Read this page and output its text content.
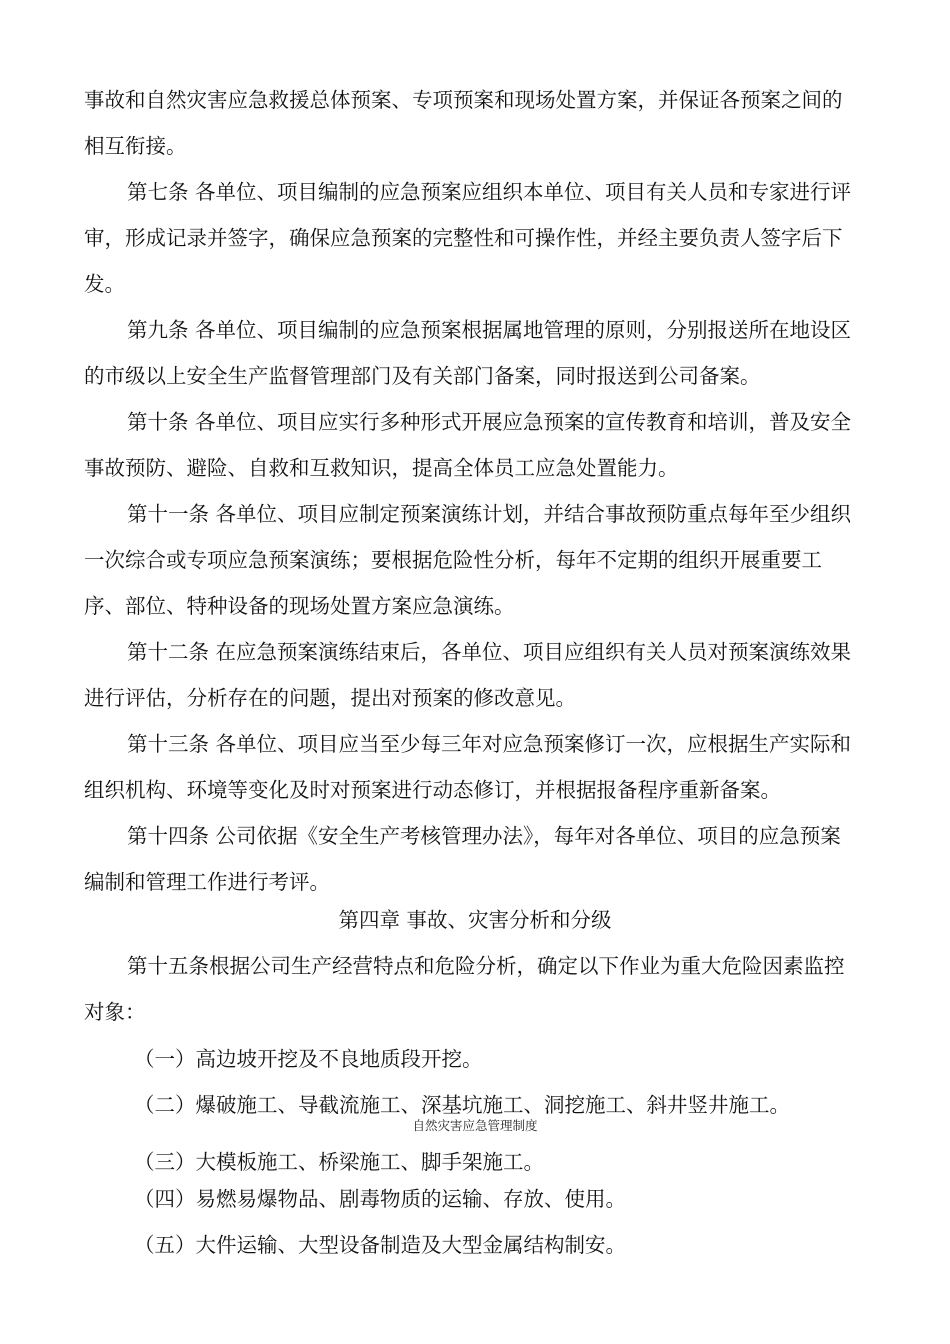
事故和自然灾害应急救援总体预案、专项预案和现场处置方案，并保证各预案之间的
相互衔接。
第七条 各单位、项目编制的应急预案应组织本单位、项目有关人员和专家进行评
审，形成记录并签字，确保应急预案的完整性和可操作性，并经主要负责人签字后下
发。
第九条 各单位、项目编制的应急预案根据属地管理的原则，分别报送所在地设区
的市级以上安全生产监督管理部门及有关部门备案，同时报送到公司备案。
第十条 各单位、项目应实行多种形式开展应急预案的宣传教育和培训，普及安全
事故预防、避险、自救和互救知识，提高全体员工应急处置能力。
第十一条 各单位、项目应制定预案演练计划，并结合事故预防重点每年至少组织
一次综合或专项应急预案演练；要根据危险性分析，每年不定期的组织开展重要工
序、部位、特种设备的现场处置方案应急演练。
第十二条 在应急预案演练结束后，各单位、项目应组织有关人员对预案演练效果
进行评估，分析存在的问题，提出对预案的修改意见。
第十三条 各单位、项目应当至少每三年对应急预案修订一次，应根据生产实际和
组织机构、环境等变化及时对预案进行动态修订，并根据报备程序重新备案。
第十四条 公司依据《安全生产考核管理办法》，每年对各单位、项目的应急预案
编制和管理工作进行考评。
第四章 事故、灾害分析和分级
第十五条根据公司生产经营特点和危险分析，确定以下作业为重大危险因素监控
对象：
（一）高边坡开挖及不良地质段开挖。
（二）爆破施工、导截流施工、深基坑施工、洞挖施工、斜井竖井施工。
自然灾害应急管理制度
（三）大模板施工、桥梁施工、脚手架施工。
（四）易燃易爆物品、剧毒物质的运输、存放、使用。
（五）大件运输、大型设备制造及大型金属结构制安。
